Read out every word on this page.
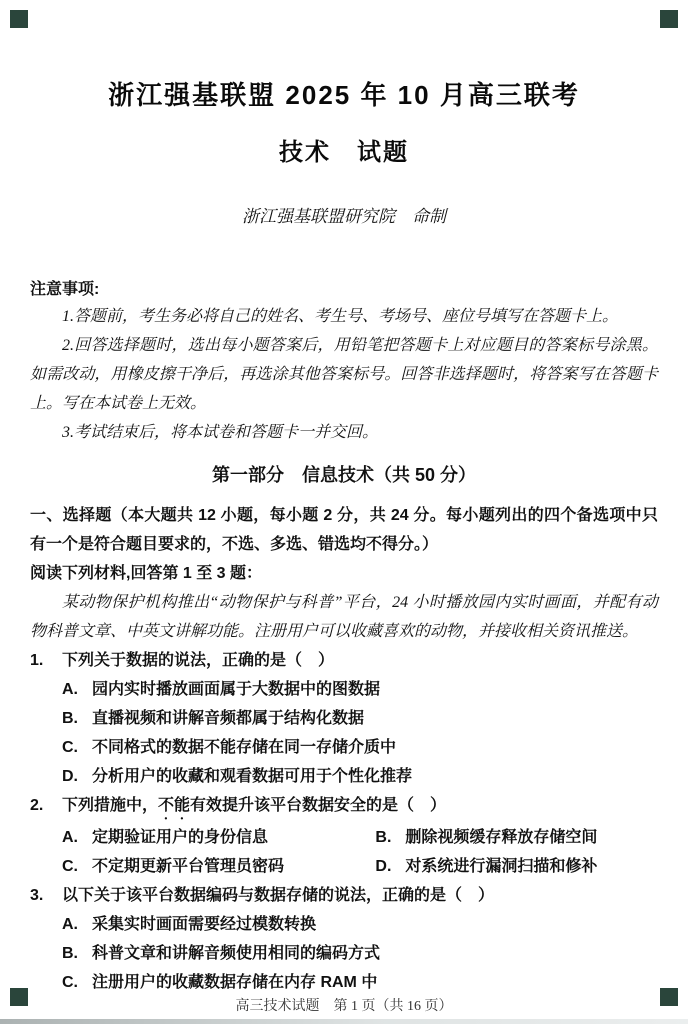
浙江强基联盟 2025 年 10 月高三联考
技术　试题
浙江强基联盟研究院　命制
注意事项:

1.答题前，考生务必将自己的姓名、考生号、考场号、座位号填写在答题卡上。

2.回答选择题时，选出每小题答案后，用铅笔把答题卡上对应题目的答案标号涂黑。如需改动，用橡皮擦干净后，再选涂其他答案标号。回答非选择题时，将答案写在答题卡上。写在本试卷上无效。

3.考试结束后，将本试卷和答题卡一并交回。

第一部分　信息技术（共 50 分）

一、选择题（本大题共 12 小题，每小题 2 分，共 24 分。每小题列出的四个备选项中只有一个是符合题目要求的，不选、多选、错选均不得分。）

阅读下列材料,回答第 1 至 3 题：

某动物保护机构推出“动物保护与科普”平台，24 小时播放园内实时画面，并配有动物科普文章、中英文讲解功能。注册用户可以收藏喜欢的动物，并接收相关资讯推送。

1.	下列关于数据的说法，正确的是（　）
A. 园内实时播放画面属于大数据中的图数据
B. 直播视频和讲解音频都属于结构化数据
C. 不同格式的数据不能存储在同一存储介质中
D. 分析用户的收藏和观看数据可用于个性化推荐
2.	下列措施中，不能有效提升该平台数据安全的是（　）
A. 定期验证用户的身份信息	B. 删除视频缓存释放存储空间
C. 不定期更新平台管理员密码	D. 对系统进行漏洞扫描和修补
3.	以下关于该平台数据编码与数据存储的说法，正确的是（　）
A. 采集实时画面需要经过模数转换
B. 科普文章和讲解音频使用相同的编码方式
C. 注册用户的收藏数据存储在内存 RAM 中
高三技术试题　第 1 页（共 16 页）
